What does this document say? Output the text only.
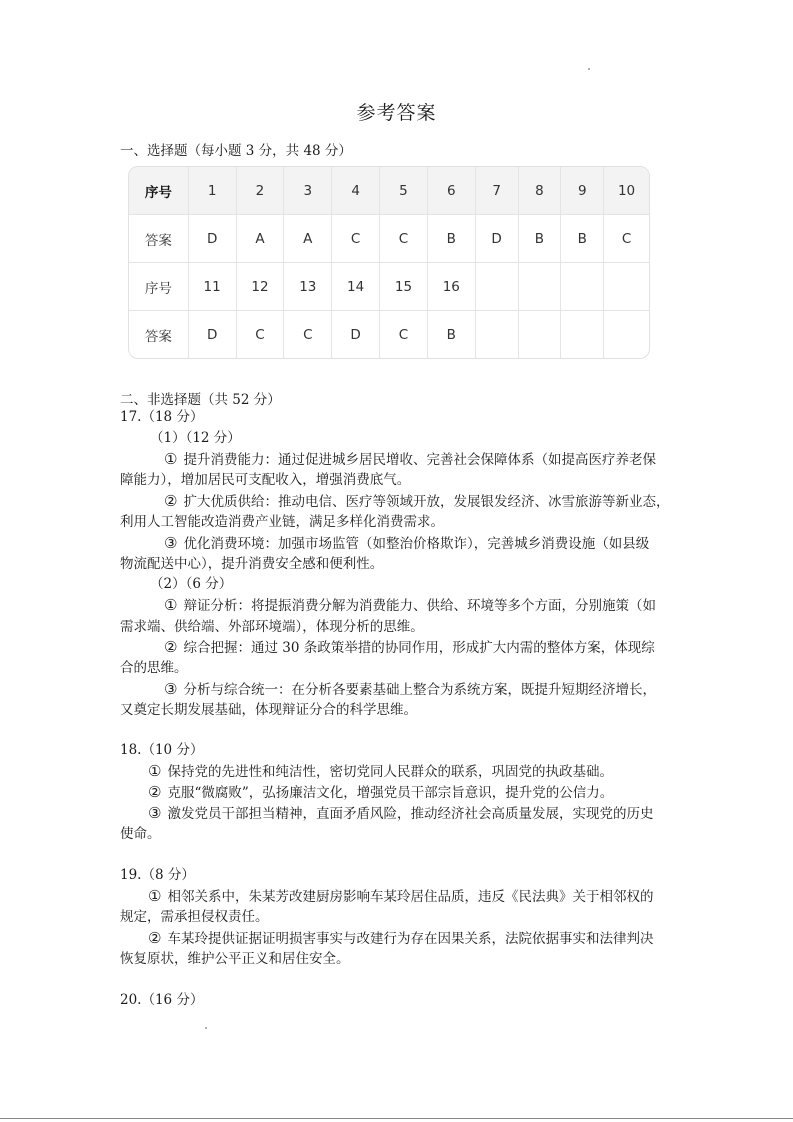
参考答案
一、选择题（每小题 3 分，共 48 分）
序号	1	2	3	4	5	6	7	8	9	10
答案	D	A	A	C	C	B	D	B	B	C
序号	11	12	13	14	15	16				
答案	D	C	C	D	C	B				
二、非选择题（共 52 分）
17.（18 分）
（1）（12 分）
① 提升消费能力：通过促进城乡居民增收、完善社会保障体系（如提高医疗养老保
障能力），增加居民可支配收入，增强消费底气。
② 扩大优质供给：推动电信、医疗等领域开放，发展银发经济、冰雪旅游等新业态，
利用人工智能改造消费产业链，满足多样化消费需求。
③ 优化消费环境：加强市场监管（如整治价格欺诈），完善城乡消费设施（如县级
物流配送中心），提升消费安全感和便利性。
（2）（6 分）
① 辩证分析：将提振消费分解为消费能力、供给、环境等多个方面，分别施策（如
需求端、供给端、外部环境端），体现分析的思维。
② 综合把握：通过 30 条政策举措的协同作用，形成扩大内需的整体方案，体现综
合的思维。
③ 分析与综合统一：在分析各要素基础上整合为系统方案，既提升短期经济增长，
又奠定长期发展基础，体现辩证分合的科学思维。
18.（10 分）
① 保持党的先进性和纯洁性，密切党同人民群众的联系，巩固党的执政基础。
② 克服“微腐败”，弘扬廉洁文化，增强党员干部宗旨意识，提升党的公信力。
③ 激发党员干部担当精神，直面矛盾风险，推动经济社会高质量发展，实现党的历史
使命。
19.（8 分）
① 相邻关系中，朱某芳改建厨房影响车某玲居住品质，违反《民法典》关于相邻权的
规定，需承担侵权责任。
② 车某玲提供证据证明损害事实与改建行为存在因果关系，法院依据事实和法律判决
恢复原状，维护公平正义和居住安全。
20.（16 分）
